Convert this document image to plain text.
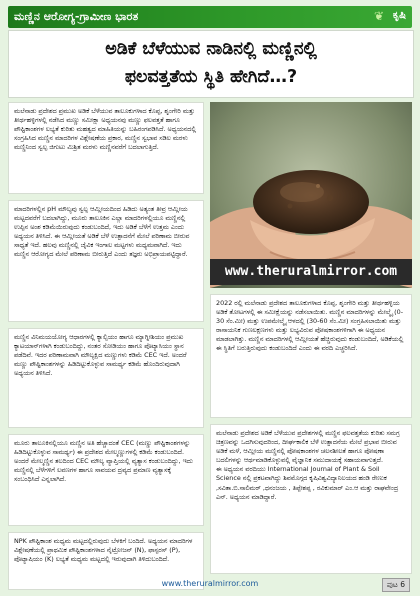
ಮಣ್ಣಿನ ಆರೋಗ್ಯ-ಗ್ರಾಮೀಣ ಭಾರತ	❦ ಕೃಷಿ
ಅಡಿಕೆ ಬೆಳೆಯುವ ನಾಡಿನಲ್ಲಿ ಮಣ್ಣಿನಲ್ಲಿ
ಫಲವತ್ತತೆಯ ಸ್ಥಿತಿ ಹೇಗಿದೆ…?
ಮಲೆನಾಡು ಪ್ರದೇಶದ ಪ್ರಮುಖ ಅಡಿಕೆ ಬೆಳೆಯುವ ತಾಲೂಕುಗಳಾದ ಕೊಪ್ಪ, ಶೃಂಗೇರಿ ಮತ್ತು ತೀರ್ಥಹಳ್ಳಿಗಳಲ್ಲಿ ನಡೆಸಿದ ಮಣ್ಣು ಸಮೀಕ್ಷಾ ಅಧ್ಯಯನವು ಮಣ್ಣು ಫಲವತ್ತತೆ ಹಾಗೂ ಪೌಷ್ಟಿಕಾಂಶಗಳ ಲಭ್ಯತೆ ಕುರಿತು ಮಹತ್ವದ ಮಾಹಿತಿಯನ್ನು ಬಹಿರಂಗಪಡಿಸಿದೆ. ಅಧ್ಯಯನದಲ್ಲಿ ಸಂಗ್ರಹಿಸಿದ ಮಣ್ಣಿನ ಮಾದರಿಗಳ ವಿಶ್ಲೇಷಣೆಯ ಪ್ರಕಾರ, ಮಣ್ಣಿನ ಸ್ವಭಾವ ಸಡಿಲ ಮರಳು ಮಣ್ಣಿನಿಂದ ಸ್ವಲ್ಪ ಜಿಗುಟು ಮಿಶ್ರಿತ ಮರಳು ಮಣ್ಣಿನವರೆಗೆ ಬದಲಾಗುತ್ತಿದೆ.
ಮಾದರಿಗಳಲ್ಲಿನ pH ಮೌಲ್ಯವು ಸ್ವಲ್ಪ ಆಮ್ಲೀಯದಿಂದ ಹಿಡಿದು ಅತ್ಯಂತ ತೀವ್ರ ಆಮ್ಲೀಯ ಮಟ್ಟದವರೆಗೆ ಬದಲಾಗಿದ್ದು, ಮೂರು ತಾಲೂಕಿನ ಎಲ್ಲಾ ಮಾದರಿಗಳಲ್ಲಿಯೂ ಮಣ್ಣಿನಲ್ಲಿ ಉಪ್ಪಿನ ಅಂಶ ಕಡಿಮೆಯಿರುವುದು ಕಂಡುಬಂದಿದೆ, ಇದು ಅಡಿಕೆ ಬೆಳೆಗೆ ಉತ್ತಮ ಎಂದು ಅಧ್ಯಯನ ತಿಳಿಸಿದೆ. ಈ ಆಮ್ಲೀಯತೆ ಅಡಿಕೆ ಬೆಳೆ ಉತ್ಪಾದನೆಗೆ ಮೇಲೆ ಪರಿಣಾಮ ಬೀರುವ ಸಾಧ್ಯತೆ ಇದೆ. ಹಲವು ಮಣ್ಣಿನಲ್ಲಿ ಜೈವಿಕ ಇಂಗಾಲ ಮಟ್ಟಗಳು ಮಧ್ಯಮವಾಗಿದೆ. ಇದು ಮಣ್ಣಿನ ಆರೋಗ್ಯದ ಮೇಲೆ ಪರಿಣಾಮ ಬೀರುತ್ತಿದೆ ಎಂದು ತಜ್ಞರು ಅಭಿಪ್ರಾಯಪಟ್ಟಿದ್ದಾರೆ.
ಮಣ್ಣಿನ ವಿನಿಮಯಯೋಗ್ಯ ಆಧಾರಗಳಲ್ಲಿ ಕ್ಯಾಲ್ಸಿಯಂ ಹಾಗೂ ಮ್ಯಾಗ್ನೀಶಿಯಂ ಪ್ರಮುಖ ಕ್ಯಾಟಯಾನ್‌ಗಳಾಗಿ ಕಂಡುಬಂದಿದ್ದು, ನಂತರ ಸೋಡಿಯಂ ಹಾಗೂ ಪೊಟ್ಯಾಸಿಯಂ ಸ್ಥಾನ ಪಡೆದಿವೆ. ಇದರ ಪರಿಣಾಮವಾಗಿ ಮೌಲ್ಯಕ್ಷಿದ ಮಣ್ಣುಗಳು ಕಡಿಮೆ CEC ಇದೆ. ಅಂದರೆ ಮಣ್ಣು ಪೌಷ್ಟಿಕಾಂಶಗಳನ್ನು ಹಿಡಿದಿಟ್ಟುಕೊಳ್ಳುವ ಸಾಮರ್ಥ್ಯ ಕಡಿಮೆ ಹೊಂದಿರುವುದಾಗಿ ಅಧ್ಯಯನ ತಿಳಿಸಿದೆ.
ಮೂರು ತಾಲೂಕಿನಲ್ಲಿಯೂ ಮಣ್ಣಿನ ಅತಿ ಹೆಚ್ಚಾದಂತೆ CEC (ಮಣ್ಣು ಪೌಷ್ಟಿಕಾಂಶಗಳನ್ನು ಹಿಡಿದಿಟ್ಟುಕೊಳ್ಳುವ ಸಾಮರ್ಥ್ಯ) ಈ ಪ್ರದೇಶದ ಮೇಲ್ಮಣ್ಣುಗಳಲ್ಲಿ ಕಡಿಮೆ ಕಂಡುಬಂದಿದೆ. ಅಂದರೆ ಮೇಲ್ಮಣ್ಣಿನ ತಲದಿಂದ CEC ಮೌಲ್ಯ ವ್ಯಾಪ್ತಿಯಲ್ಲಿ ವ್ಯತ್ಯಾಸ ಕಂಡುಬಂದಿದ್ದು, ಇದು ಮಣ್ಣಿನಲ್ಲಿ ಬೆಳೆಗಳಿಗೆ ಲವಣಗಳ ಹಾಗೂ ಸಾವಯವ ದ್ರವ್ಯದ ಪ್ರಮಾಣ ವ್ಯತ್ಯಾಸಕ್ಕೆ ಸಂಬಂಧಿಸಿದೆ ಎನ್ನಲಾಗಿದೆ.
NPK ಪೌಷ್ಟಿಕಾಂಶ ಮಧ್ಯಮ ಮಟ್ಟದಲ್ಲಿರುವುದು ಬೆಳಕಿಗೆ ಬಂದಿದೆ. ಅಧ್ಯಯನ ಮಾದರಿಗಳ ವಿಶ್ಲೇಷಣೆಯಲ್ಲಿ ಪ್ರಾಥಮಿಕ ಪೌಷ್ಟಿಕಾಂಶಗಳಾದ ನೈಟ್ರೋಜನ್ (N), ಫಾಸ್ಪರಸ್ (P), ಪೊಟ್ಯಾಷಿಯಂ (K) ಲಭ್ಯತೆ ಮಧ್ಯಮ ಮಟ್ಟದಲ್ಲಿ ಇರುವುದಾಗಿ ತಿಳಿದುಬಂದಿದೆ.
www.theruralmirror.com
2022 ರಲ್ಲಿ ಮಲೆನಾಡು ಪ್ರದೇಶದ ತಾಲೂಕುಗಳಾದ ಕೊಪ್ಪ, ಶೃಂಗೇರಿ ಮತ್ತು ತೀರ್ಥಹಳ್ಳಿಯ ಅಡಿಕೆ ತೋಟಗಳಲ್ಲಿ ಈ ಸಮೀಕ್ಷೆಯನ್ನು ನಡೆಸಲಾಯಿತು. ಮಣ್ಣಿನ ಮಾದರಿಗಳನ್ನು ಮೇಲ್ಮೈ (0-30 ಸೆಂ.ಮೀ) ಮತ್ತು ಉಪಮೇಲ್ಮೈ ಆಳದಲ್ಲಿ (30-60 ಸೆಂ.ಮೀ) ಸಂಗ್ರಹಿಸಲಾಯಿತು ಮತ್ತು ರಾಸಾಯನಿಕ ಗುಣಲಕ್ಷಣಗಳು ಮತ್ತು ಲಭ್ಯವಿರುವ ಪೋಷಕಾಂಶಗಳಿಗಾಗಿ ಈ ಅಧ್ಯಯನ ಮಾಡಲಾಗಿತ್ತು. ಮಣ್ಣಿನ ಮಾದರಿಗಳಲ್ಲಿ ಆಮ್ಲೀಯತೆ ಹೆಚ್ಚಿರುವುದು ಕಂಡುಬಂದಿದೆ, ಅಡಿಕೆಯಲ್ಲಿ ಈ ಸ್ಥಿತಿಗೆ ಬರುತ್ತಿರುವುದು ಕಂಡುಬಂದಿದೆ ಎಂದು ಈ ವರದಿ ಎಚ್ಚರಿಸಿದೆ.
ಮಲೆನಾಡು ಪ್ರದೇಶದ ಅಡಿಕೆ ಬೆಳೆಯುವ ಪ್ರದೇಶಗಳಲ್ಲಿ ಮಣ್ಣಿನ ಫಲವತ್ತತೆಯ ಕುರಿತು ಸಮಗ್ರ ಚಿತ್ರಣವನ್ನು ಒದಗಿಸುವುದರಿಂದ, ದೀರ್ಘಕಾಲಿಕ ಬೆಳೆ ಉತ್ಪಾದನೆಯ ಮೇಲೆ ಪ್ರಭಾವ ಬೀರುವ ಅಡಿಕೆ ಮಳೆ, ಆಮ್ಲೀಯ ಮಣ್ಣಿನಲ್ಲಿ ಪೋಷಕಾಂಶಗಳ ಚಲನಶೀಲತೆ ಹಾಗೂ ಪೋಷಣಾ ಬದಲಿಗಳನ್ನು ಆರ್ಥಮಾಡಿಕೊಳ್ಳುವಲ್ಲಿ ವೈಜ್ಞಾನಿಕ ಸಮುದಾಯಕ್ಕೆ ಸಹಾಯವಾಗುತ್ತದೆ.
ಈ ಅಧ್ಯಯನ ವರದಿಯು International Journal of Plant & Soil Science ನಲ್ಲಿ ಪ್ರಕಟವಾಗಿದ್ದು ಶಿವಮೊಗ್ಗದ ಕೃಷಿವಿಶ್ವವಿದ್ಯಾನಿಲಯದ ಹಂಡಿ ರೇಣುಕ ,ಸವಿತಾ.ಬಿ.ಸಾಲಿಮಠ್ ,ಧನಂಜಯ , ತಿಪ್ಪೇಶಪ್ಪ , ರವಿಕುಮಾರ್ ಎಂ.ಆ ಮತ್ತು ರಾಘವೇಂದ್ರ ಎನ್. ಅಧ್ಯಯನ ಮಾಡಿದ್ದಾರೆ.
www.theruralmirror.com	ಪುಟ 6
